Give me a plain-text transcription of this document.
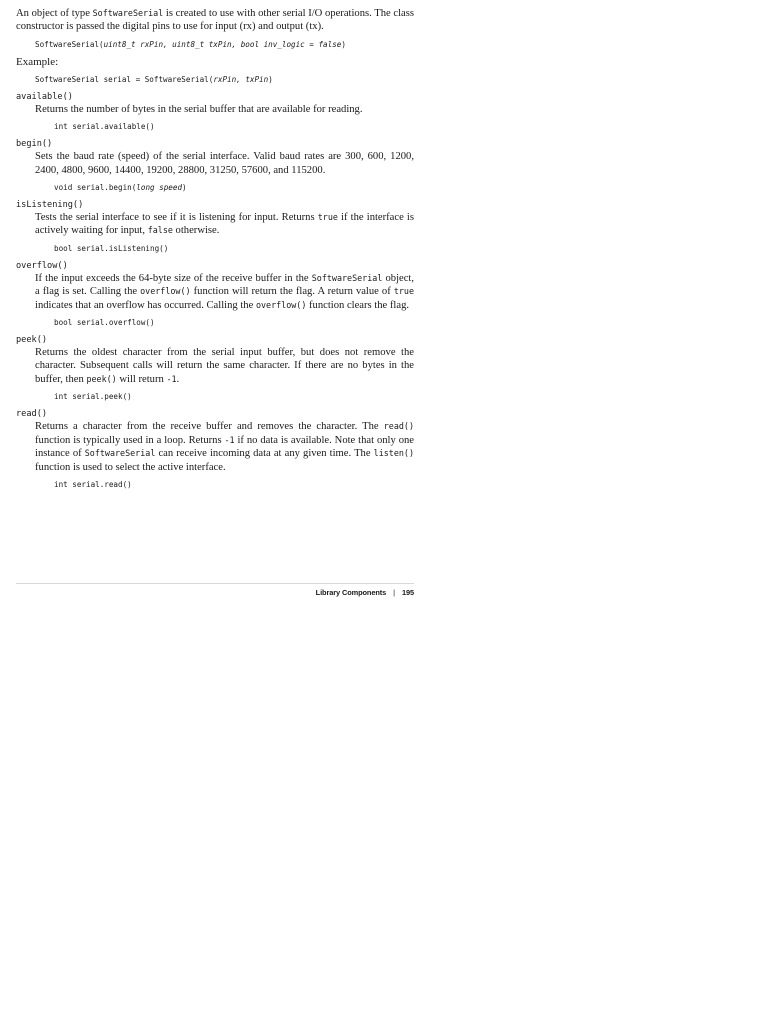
An object of type SoftwareSerial is created to use with other serial I/O operations. The class constructor is passed the digital pins to use for input (rx) and output (tx).

SoftwareSerial(uint8_t rxPin, uint8_t txPin, bool inv_logic = false)

Example:

SoftwareSerial serial = SoftwareSerial(rxPin, txPin)
available()

Returns the number of bytes in the serial buffer that are available for reading.

int serial.available()
begin()

Sets the baud rate (speed) of the serial interface. Valid baud rates are 300, 600, 1200, 2400, 4800, 9600, 14400, 19200, 28800, 31250, 57600, and 115200.

void serial.begin(long speed)
isListening()

Tests the serial interface to see if it is listening for input. Returns true if the interface is actively waiting for input, false otherwise.

bool serial.isListening()
overflow()

If the input exceeds the 64-byte size of the receive buffer in the SoftwareSerial object, a flag is set. Calling the overflow() function will return the flag. A return value of true indicates that an overflow has occurred. Calling the overflow() function clears the flag.

bool serial.overflow()
peek()

Returns the oldest character from the serial input buffer, but does not remove the character. Subsequent calls will return the same character. If there are no bytes in the buffer, then peek() will return -1.

int serial.peek()
read()

Returns a character from the receive buffer and removes the character. The read() function is typically used in a loop. Returns -1 if no data is available. Note that only one instance of SoftwareSerial can receive incoming data at any given time. The listen() function is used to select the active interface.

int serial.read()
Library Components | 195
